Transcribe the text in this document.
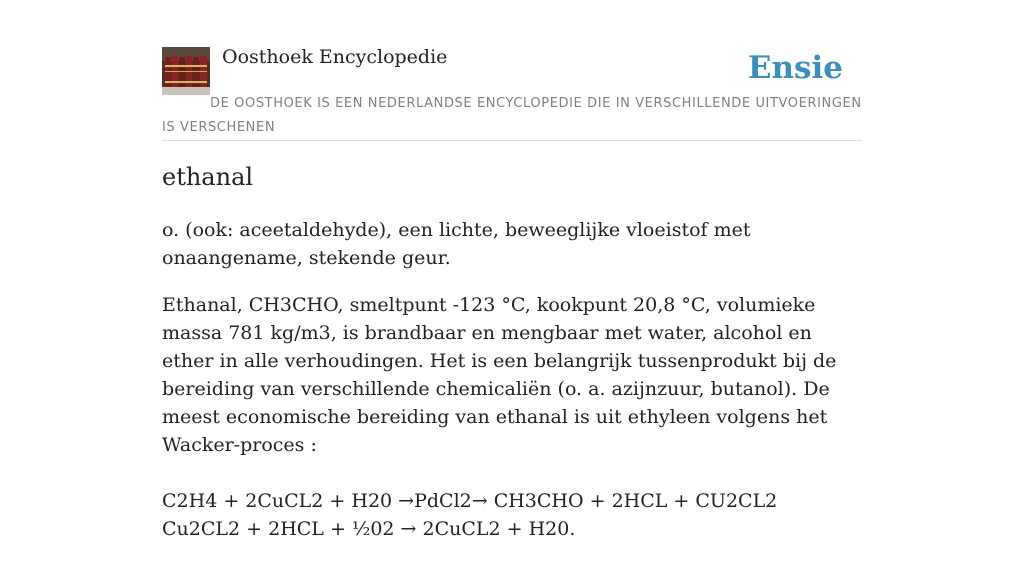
Oosthoek Encyclopedie	Ensie

DE OOSTHOEK IS EEN NEDERLANDSE ENCYCLOPEDIE DIE IN VERSCHILLENDE UITVOERINGEN IS VERSCHENEN

ethanal

o. (ook: aceetaldehyde), een lichte, beweeglijke vloeistof met onaangename, stekende geur.

Ethanal, CH3CHO, smeltpunt -123 °C, kookpunt 20,8 °C, volumieke massa 781 kg/m3, is brandbaar en mengbaar met water, alcohol en ether in alle verhoudingen. Het is een belangrijk tussenprodukt bij de bereiding van verschillende chemicaliën (o. a. azijnzuur, butanol). De meest economische bereiding van ethanal is uit ethyleen volgens het Wacker-proces :

C2H4 + 2CuCL2 + H20 →PdCl2→ CH3CHO + 2HCL + CU2CL2 Cu2CL2 + 2HCL + ½02 → 2CuCL2 + H20.
